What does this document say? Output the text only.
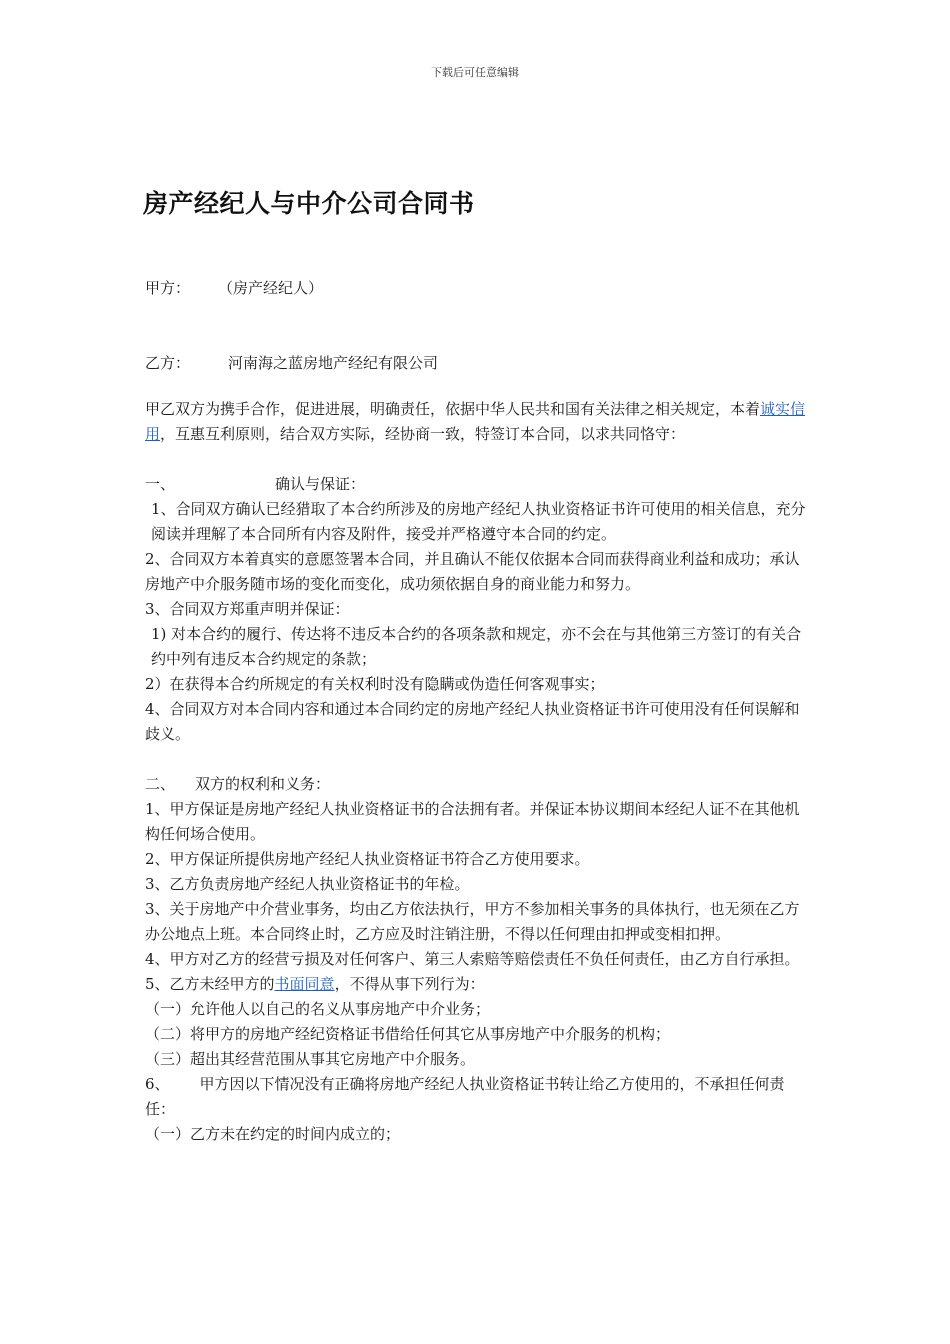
下载后可任意编辑
房产经纪人与中介公司合同书
甲方： （房产经纪人）
乙方：	河南海之蓝房地产经纪有限公司

甲乙双方为携手合作，促进进展，明确责任，依据中华人民共和国有关法律之相关规定，本着诚实信用，互惠互利原则，结合双方实际，经协商一致，特签订本合同，以求共同恪守：

一、	确认与保证：

1、合同双方确认已经猎取了本合约所涉及的房地产经纪人执业资格证书许可使用的相关信息，充分阅读并理解了本合同所有内容及附件，接受并严格遵守本合同的约定。

2、合同双方本着真实的意愿签署本合同，并且确认不能仅依据本合同而获得商业利益和成功；承认房地产中介服务随市场的变化而变化，成功须依据自身的商业能力和努力。

3、合同双方郑重声明并保证：

1) 对本合约的履行、传达将不违反本合约的各项条款和规定，亦不会在与其他第三方签订的有关合约中列有违反本合约规定的条款；

2）在获得本合约所规定的有关权利时没有隐瞒或伪造任何客观事实；

4、合同双方对本合同内容和通过本合同约定的房地产经纪人执业资格证书许可使用没有任何误解和歧义。

二、 双方的权利和义务：

1、甲方保证是房地产经纪人执业资格证书的合法拥有者。并保证本协议期间本经纪人证不在其他机构任何场合使用。

2、甲方保证所提供房地产经纪人执业资格证书符合乙方使用要求。

3、乙方负责房地产经纪人执业资格证书的年检。

3、关于房地产中介营业事务，均由乙方依法执行，甲方不参加相关事务的具体执行，也无须在乙方办公地点上班。本合同终止时，乙方应及时注销注册，不得以任何理由扣押或变相扣押。

4、甲方对乙方的经营亏损及对任何客户、第三人索赔等赔偿责任不负任何责任，由乙方自行承担。

5、乙方未经甲方的书面同意，不得从事下列行为：

（一）允许他人以自己的名义从事房地产中介业务；

（二）将甲方的房地产经纪资格证书借给任何其它从事房地产中介服务的机构；

（三）超出其经营范围从事其它房地产中介服务。

6、 甲方因以下情况没有正确将房地产经纪人执业资格证书转让给乙方使用的，不承担任何责任：

（一）乙方未在约定的时间内成立的；
